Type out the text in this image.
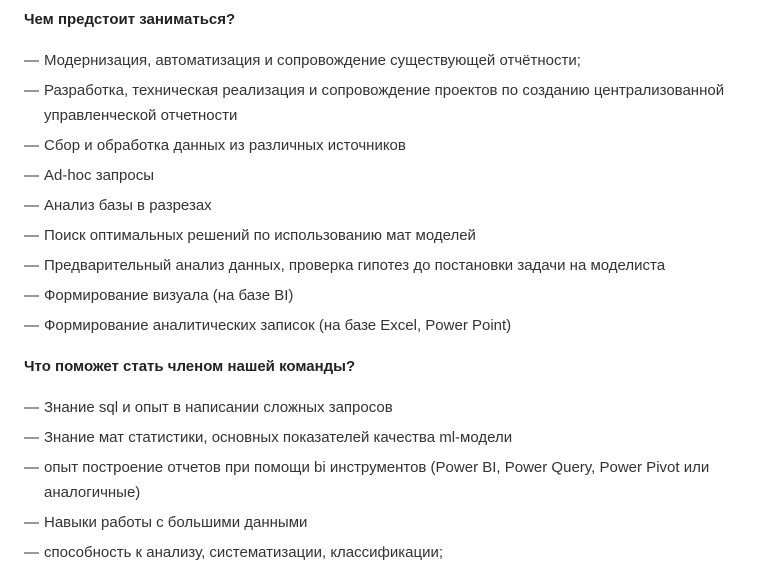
Чем предстоит заниматься?
— Модернизация, автоматизация и сопровождение существующей отчётности;
— Разработка, техническая реализация и сопровождение проектов по созданию централизованной управленческой отчетности
— Сбор и обработка данных из различных источников
— Ad-hoc запросы
— Анализ базы в разрезах
— Поиск оптимальных решений по использованию мат моделей
— Предварительный анализ данных, проверка гипотез до постановки задачи на моделиста
— Формирование визуала (на базе BI)
— Формирование аналитических записок (на базе Excel, Power Point)
Что поможет стать членом нашей команды?
— Знание sql и опыт в написании сложных запросов
— Знание мат статистики, основных показателей качества ml-модели
— опыт построение отчетов при помощи bi инструментов (Power BI, Power Query, Power Pivot или аналогичные)
— Навыки работы с большими данными
— способность к анализу, систематизации, классификации;
